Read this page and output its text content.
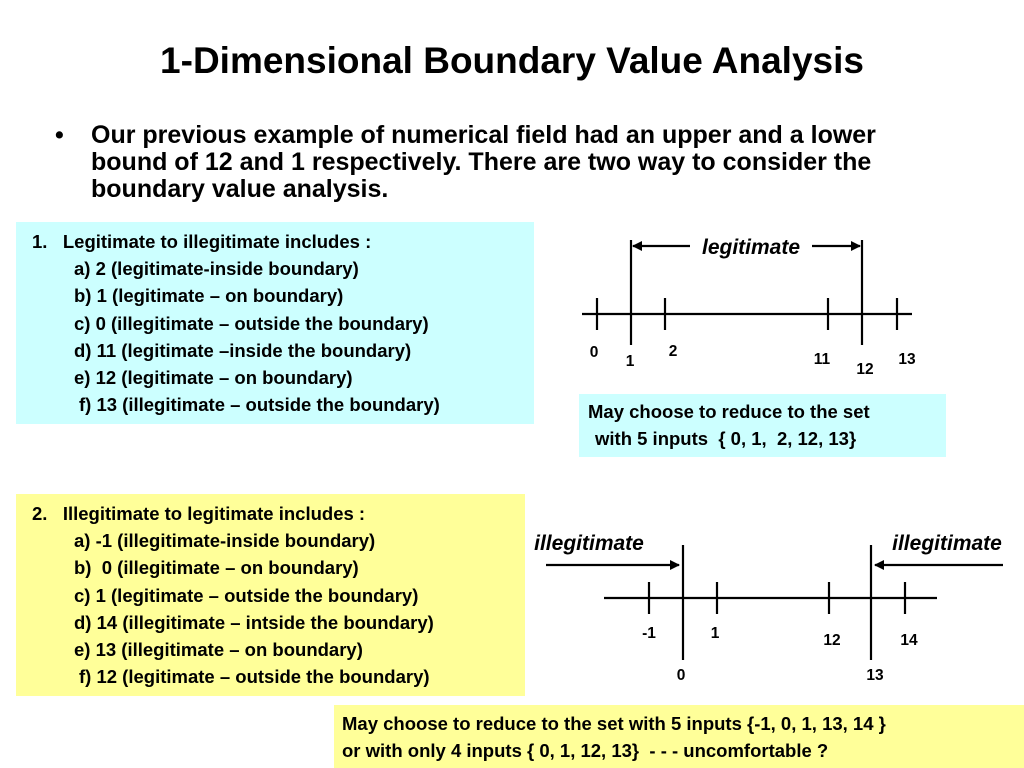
1-Dimensional Boundary Value Analysis
•	Our previous example of numerical field had an upper and a lower bound of 12 and 1 respectively. There are two way to consider the boundary value analysis.

1.   Legitimate to illegitimate includes :

a) 2 (legitimate-inside boundary)

b) 1 (legitimate – on boundary)

c) 0 (illegitimate – outside the boundary)

d) 11 (legitimate –inside the boundary)

e) 12 (legitimate – on boundary)

f) 13 (illegitimate – outside the boundary)	May choose to reduce to the set

with 5 inputs  { 0, 1,  2, 12, 13}

2.   Illegitimate to legitimate includes :

a) -1 (illegitimate-inside boundary)

b)  0 (illegitimate – on boundary)

c) 1 (legitimate – outside the boundary)

d) 14 (illegitimate – intside the boundary)

e) 13 (illegitimate – on boundary)

f) 12 (legitimate – outside the boundary)

May choose to reduce to the set with 5 inputs {-1, 0, 1, 13, 14 }

or with only 4 inputs { 0, 1, 12, 13}  - - - uncomfortable ?

legitimate
0
1
2	11
12
13
illegitimate	illegitimate
-1
0
1	12
13
14
